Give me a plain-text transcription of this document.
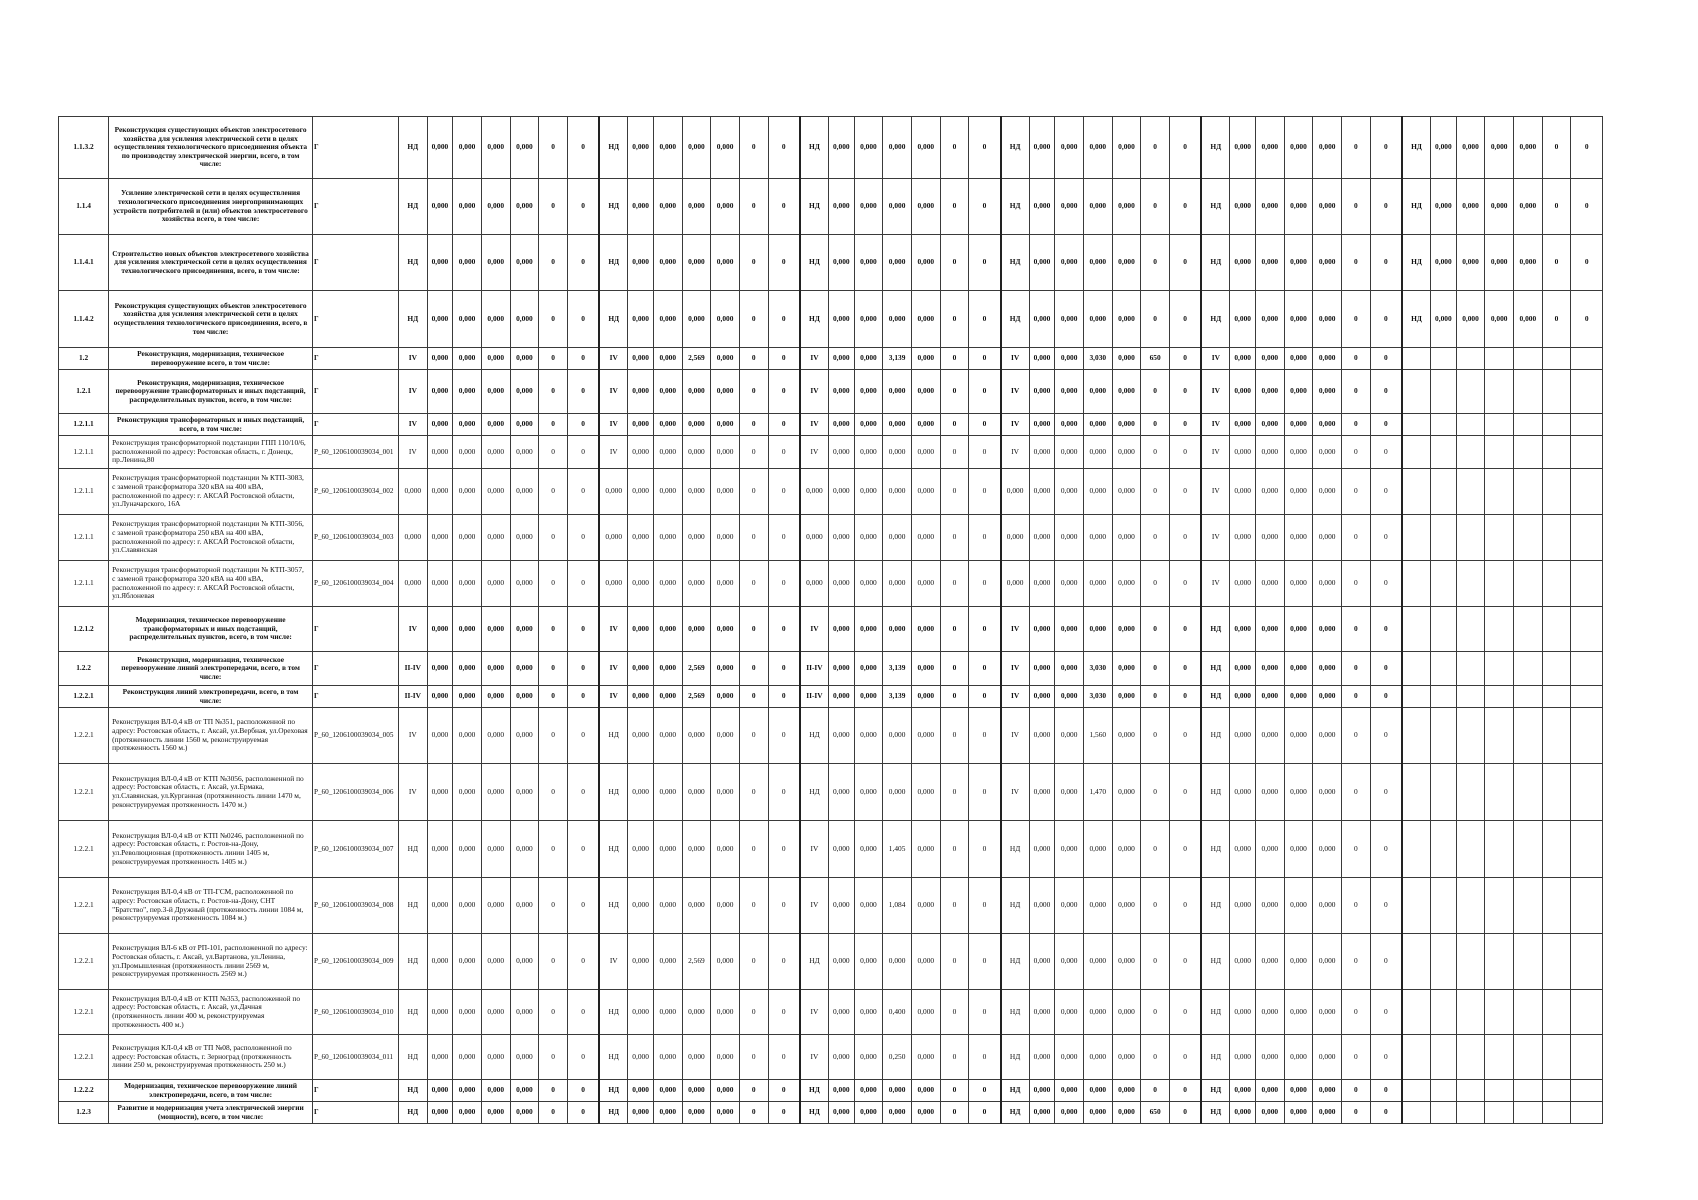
1.1.3.2	Реконструкция существующих объектов электросетевого хозяйства для усиления электрической сети в целях осуществления технологического присоединения объекта по производству электрической энергии, всего, в том числе:	Г	НД	0,000	0,000	0,000	0,000	0	0	НД	0,000	0,000	0,000	0,000	0	0	НД	0,000	0,000	0,000	0,000	0	0	НД	0,000	0,000	0,000	0,000	0	0	НД	0,000	0,000	0,000	0,000	0	0	НД	0,000	0,000	0,000	0,000	0	0
1.1.4	Усиление электрической сети в целях осуществления технологического присоединения энергопринимающих устройств потребителей и (или) объектов электросетевого хозяйства всего, в том числе:	Г	НД	0,000	0,000	0,000	0,000	0	0	НД	0,000	0,000	0,000	0,000	0	0	НД	0,000	0,000	0,000	0,000	0	0	НД	0,000	0,000	0,000	0,000	0	0	НД	0,000	0,000	0,000	0,000	0	0	НД	0,000	0,000	0,000	0,000	0	0
1.1.4.1	Строительство новых объектов электросетевого хозяйства для усиления электрической сети в целях осуществления технологического присоединения, всего, в том числе:	Г	НД	0,000	0,000	0,000	0,000	0	0	НД	0,000	0,000	0,000	0,000	0	0	НД	0,000	0,000	0,000	0,000	0	0	НД	0,000	0,000	0,000	0,000	0	0	НД	0,000	0,000	0,000	0,000	0	0	НД	0,000	0,000	0,000	0,000	0	0
1.1.4.2	Реконструкция существующих объектов электросетевого хозяйства для усиления электрической сети в целях осуществления технологического присоединения, всего, в том числе:	Г	НД	0,000	0,000	0,000	0,000	0	0	НД	0,000	0,000	0,000	0,000	0	0	НД	0,000	0,000	0,000	0,000	0	0	НД	0,000	0,000	0,000	0,000	0	0	НД	0,000	0,000	0,000	0,000	0	0	НД	0,000	0,000	0,000	0,000	0	0
1.2	Реконструкция, модернизация, техническое перевооружение всего, в том числе:	Г	IV	0,000	0,000	0,000	0,000	0	0	IV	0,000	0,000	2,569	0,000	0	0	IV	0,000	0,000	3,139	0,000	0	0	IV	0,000	0,000	3,030	0,000	650	0	IV	0,000	0,000	0,000	0,000	0	0							
1.2.1	Реконструкция, модернизация, техническое перевооружение трансформаторных и иных подстанций, распределительных пунктов, всего, в том числе:	Г	IV	0,000	0,000	0,000	0,000	0	0	IV	0,000	0,000	0,000	0,000	0	0	IV	0,000	0,000	0,000	0,000	0	0	IV	0,000	0,000	0,000	0,000	0	0	IV	0,000	0,000	0,000	0,000	0	0							
1.2.1.1	Реконструкция трансформаторных и иных подстанций, всего, в том числе:	Г	IV	0,000	0,000	0,000	0,000	0	0	IV	0,000	0,000	0,000	0,000	0	0	IV	0,000	0,000	0,000	0,000	0	0	IV	0,000	0,000	0,000	0,000	0	0	IV	0,000	0,000	0,000	0,000	0	0							
1.2.1.1	Реконструкция трансформаторной подстанции ГПП 110/10/6, расположенной по адресу: Ростовская область, г. Донецк, пр.Ленина,80	P_60_1206100039034_001	IV	0,000	0,000	0,000	0,000	0	0	IV	0,000	0,000	0,000	0,000	0	0	IV	0,000	0,000	0,000	0,000	0	0	IV	0,000	0,000	0,000	0,000	0	0	IV	0,000	0,000	0,000	0,000	0	0							
1.2.1.1	Реконструкция трансформаторной подстанции № КТП-3083, с заменой трансформатора 320 кВА на 400 кВА, расположенной по адресу: г. АКСАЙ Ростовской области, ул.Луначарского, 16А	P_60_1206100039034_002	0,000	0,000	0,000	0,000	0,000	0	0	0,000	0,000	0,000	0,000	0,000	0	0	0,000	0,000	0,000	0,000	0,000	0	0	0,000	0,000	0,000	0,000	0,000	0	0	IV	0,000	0,000	0,000	0,000	0	0							
1.2.1.1	Реконструкция трансформаторной подстанции № КТП-3056, с заменой трансформатора 250 кВА на 400 кВА, расположенной по адресу: г. АКСАЙ Ростовской области, ул.Славянская	P_60_1206100039034_003	0,000	0,000	0,000	0,000	0,000	0	0	0,000	0,000	0,000	0,000	0,000	0	0	0,000	0,000	0,000	0,000	0,000	0	0	0,000	0,000	0,000	0,000	0,000	0	0	IV	0,000	0,000	0,000	0,000	0	0							
1.2.1.1	Реконструкция трансформаторной подстанции № КТП-3057, с заменой трансформатора 320 кВА на 400 кВА, расположенной по адресу: г. АКСАЙ Ростовской области, ул.Яблоневая	P_60_1206100039034_004	0,000	0,000	0,000	0,000	0,000	0	0	0,000	0,000	0,000	0,000	0,000	0	0	0,000	0,000	0,000	0,000	0,000	0	0	0,000	0,000	0,000	0,000	0,000	0	0	IV	0,000	0,000	0,000	0,000	0	0							
1.2.1.2	Модернизация, техническое перевооружение трансформаторных и иных подстанций, распределительных пунктов, всего, в том числе:	Г	IV	0,000	0,000	0,000	0,000	0	0	IV	0,000	0,000	0,000	0,000	0	0	IV	0,000	0,000	0,000	0,000	0	0	IV	0,000	0,000	0,000	0,000	0	0	НД	0,000	0,000	0,000	0,000	0	0							
1.2.2	Реконструкция, модернизация, техническое перевооружение линий электропередачи, всего, в том числе:	Г	II-IV	0,000	0,000	0,000	0,000	0	0	IV	0,000	0,000	2,569	0,000	0	0	II-IV	0,000	0,000	3,139	0,000	0	0	IV	0,000	0,000	3,030	0,000	0	0	НД	0,000	0,000	0,000	0,000	0	0							
1.2.2.1	Реконструкция линий электропередачи, всего, в том числе:	Г	II-IV	0,000	0,000	0,000	0,000	0	0	IV	0,000	0,000	2,569	0,000	0	0	II-IV	0,000	0,000	3,139	0,000	0	0	IV	0,000	0,000	3,030	0,000	0	0	НД	0,000	0,000	0,000	0,000	0	0							
1.2.2.1	Реконструкция ВЛ-0,4 кВ от ТП №351, расположенной по адресу: Ростовская область, г. Аксай, ул.Вербная, ул.Ореховая (протяженность линии 1560 м, реконструируемая протяженность 1560 м.)	P_60_1206100039034_005	IV	0,000	0,000	0,000	0,000	0	0	НД	0,000	0,000	0,000	0,000	0	0	НД	0,000	0,000	0,000	0,000	0	0	IV	0,000	0,000	1,560	0,000	0	0	НД	0,000	0,000	0,000	0,000	0	0							
1.2.2.1	Реконструкция ВЛ-0,4 кВ от КТП №3056, расположенной по адресу: Ростовская область, г. Аксай, ул.Ермака, ул.Славянская, ул.Курганная (протяженность линии 1470 м, реконструируемая протяженность 1470 м.)	P_60_1206100039034_006	IV	0,000	0,000	0,000	0,000	0	0	НД	0,000	0,000	0,000	0,000	0	0	НД	0,000	0,000	0,000	0,000	0	0	IV	0,000	0,000	1,470	0,000	0	0	НД	0,000	0,000	0,000	0,000	0	0							
1.2.2.1	Реконструкция ВЛ-0,4 кВ от КТП №0246, расположенной по адресу: Ростовская область, г. Ростов-на-Дону, ул.Революционная (протяженность линии 1405 м, реконструируемая протяженность 1405 м.)	P_60_1206100039034_007	НД	0,000	0,000	0,000	0,000	0	0	НД	0,000	0,000	0,000	0,000	0	0	IV	0,000	0,000	1,405	0,000	0	0	НД	0,000	0,000	0,000	0,000	0	0	НД	0,000	0,000	0,000	0,000	0	0							
1.2.2.1	Реконструкция ВЛ-0,4 кВ от ТП-ГСМ, расположенной по адресу: Ростовская область, г. Ростов-на-Дону, СНТ "Братство", пер.3-й Дружный (протяженность линии 1084 м, реконструируемая протяженность 1084 м.)	P_60_1206100039034_008	НД	0,000	0,000	0,000	0,000	0	0	НД	0,000	0,000	0,000	0,000	0	0	IV	0,000	0,000	1,084	0,000	0	0	НД	0,000	0,000	0,000	0,000	0	0	НД	0,000	0,000	0,000	0,000	0	0							
1.2.2.1	Реконструкция ВЛ-6 кВ от РП-101, расположенной по адресу: Ростовская область, г. Аксай, ул.Вартанова, ул.Ленина, ул.Промышленная (протяженность линии 2569 м, реконструируемая протяженность 2569 м.)	P_60_1206100039034_009	НД	0,000	0,000	0,000	0,000	0	0	IV	0,000	0,000	2,569	0,000	0	0	НД	0,000	0,000	0,000	0,000	0	0	НД	0,000	0,000	0,000	0,000	0	0	НД	0,000	0,000	0,000	0,000	0	0							
1.2.2.1	Реконструкция ВЛ-0,4 кВ от КТП №353, расположенной по адресу: Ростовская область, г. Аксай, ул.Дачная (протяженность линии 400 м, реконструируемая протяженность 400 м.)	P_60_1206100039034_010	НД	0,000	0,000	0,000	0,000	0	0	НД	0,000	0,000	0,000	0,000	0	0	IV	0,000	0,000	0,400	0,000	0	0	НД	0,000	0,000	0,000	0,000	0	0	НД	0,000	0,000	0,000	0,000	0	0							
1.2.2.1	Реконструкция КЛ-0,4 кВ от ТП №08, расположенной по адресу: Ростовская область, г. Зерноград (протяженность линии 250 м, реконструируемая протяженность 250 м.)	P_60_1206100039034_011	НД	0,000	0,000	0,000	0,000	0	0	НД	0,000	0,000	0,000	0,000	0	0	IV	0,000	0,000	0,250	0,000	0	0	НД	0,000	0,000	0,000	0,000	0	0	НД	0,000	0,000	0,000	0,000	0	0							
1.2.2.2	Модернизация, техническое перевооружение линий электропередачи, всего, в том числе:	Г	НД	0,000	0,000	0,000	0,000	0	0	НД	0,000	0,000	0,000	0,000	0	0	НД	0,000	0,000	0,000	0,000	0	0	НД	0,000	0,000	0,000	0,000	0	0	НД	0,000	0,000	0,000	0,000	0	0							
1.2.3	Развитие и модернизация учета электрической энергии (мощности), всего, в том числе:	Г	НД	0,000	0,000	0,000	0,000	0	0	НД	0,000	0,000	0,000	0,000	0	0	НД	0,000	0,000	0,000	0,000	0	0	НД	0,000	0,000	0,000	0,000	650	0	НД	0,000	0,000	0,000	0,000	0	0							
